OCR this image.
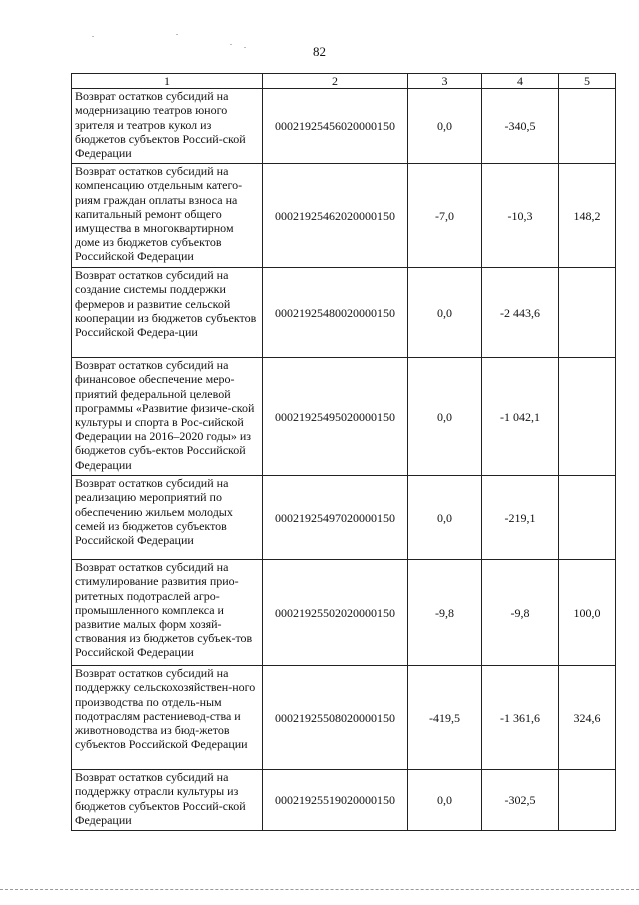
82
1	2	3	4	5
Возврат остатков субсидий на модернизацию театров юного зрителя и театров кукол из бюджетов субъектов Россий-ской Федерации	00021925456020000150	0,0	-340,5	
Возврат остатков субсидий на компенсацию отдельным катего-риям граждан оплаты взноса на капитальный ремонт общего имущества в многоквартирном доме из бюджетов субъектов Российской Федерации	00021925462020000150	-7,0	-10,3	148,2
Возврат остатков субсидий на создание системы поддержки фермеров и развитие сельской кооперации из бюджетов субъектов Российской Федера-ции	00021925480020000150	0,0	-2 443,6	
Возврат остатков субсидий на финансовое обеспечение меро-приятий федеральной целевой программы «Развитие физиче-ской культуры и спорта в Рос-сийской Федерации на 2016–2020 годы» из бюджетов субъ-ектов Российской Федерации	00021925495020000150	0,0	-1 042,1	
Возврат остатков субсидий на реализацию мероприятий по обеспечению жильем молодых семей из бюджетов субъектов Российской Федерации	00021925497020000150	0,0	-219,1	
Возврат остатков субсидий на стимулирование развития прио-ритетных подотраслей агро-промышленного комплекса и развитие малых форм хозяй-ствования из бюджетов субъек-тов Российской Федерации	00021925502020000150	-9,8	-9,8	100,0
Возврат остатков субсидий на поддержку сельскохозяйствен-ного производства по отдель-ным подотраслям растениевод-ства и животноводства из бюд-жетов субъектов Российской Федерации	00021925508020000150	-419,5	-1 361,6	324,6
Возврат остатков субсидий на поддержку отрасли культуры из бюджетов субъектов Россий-ской Федерации	00021925519020000150	0,0	-302,5	
